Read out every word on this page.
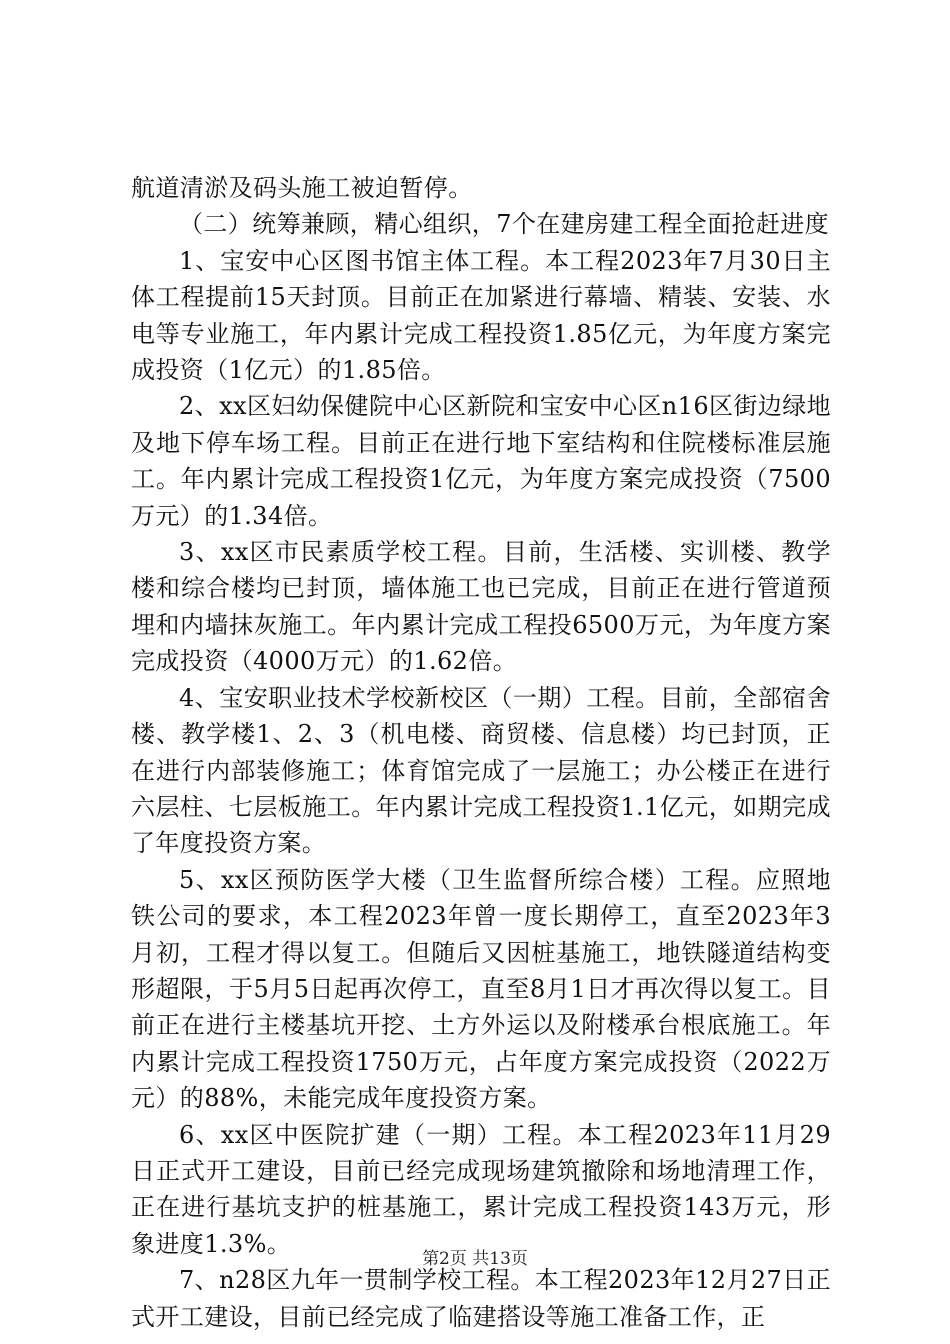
航道清淤及码头施工被迫暂停。

（二）统筹兼顾，精心组织，7个在建房建工程全面抢赶进度

1、宝安中心区图书馆主体工程。本工程2023年7月30日主体工程提前15天封顶。目前正在加紧进行幕墙、精装、安装、水电等专业施工，年内累计完成工程投资1.85亿元，为年度方案完成投资（1亿元）的1.85倍。

2、xx区妇幼保健院中心区新院和宝安中心区n16区街边绿地及地下停车场工程。目前正在进行地下室结构和住院楼标准层施工。年内累计完成工程投资1亿元，为年度方案完成投资（7500万元）的1.34倍。

3、xx区市民素质学校工程。目前，生活楼、实训楼、教学楼和综合楼均已封顶，墙体施工也已完成，目前正在进行管道预埋和内墙抹灰施工。年内累计完成工程投6500万元，为年度方案完成投资（4000万元）的1.62倍。

4、宝安职业技术学校新校区（一期）工程。目前，全部宿舍楼、教学楼1、2、3（机电楼、商贸楼、信息楼）均已封顶，正在进行内部装修施工；体育馆完成了一层施工；办公楼正在进行六层柱、七层板施工。年内累计完成工程投资1.1亿元，如期完成了年度投资方案。

5、xx区预防医学大楼（卫生监督所综合楼）工程。应照地铁公司的要求，本工程2023年曾一度长期停工，直至2023年3月初，工程才得以复工。但随后又因桩基施工，地铁隧道结构变形超限，于5月5日起再次停工，直至8月1日才再次得以复工。目前正在进行主楼基坑开挖、土方外运以及附楼承台根底施工。年内累计完成工程投资1750万元，占年度方案完成投资（2022万元）的88%，未能完成年度投资方案。

6、xx区中医院扩建（一期）工程。本工程2023年11月29日正式开工建设，目前已经完成现场建筑撤除和场地清理工作，正在进行基坑支护的桩基施工，累计完成工程投资143万元，形象进度1.3%。

7、n28区九年一贯制学校工程。本工程2023年12月27日正式开工建设，目前已经完成了临建搭设等施工准备工作，正

第2页 共13页
